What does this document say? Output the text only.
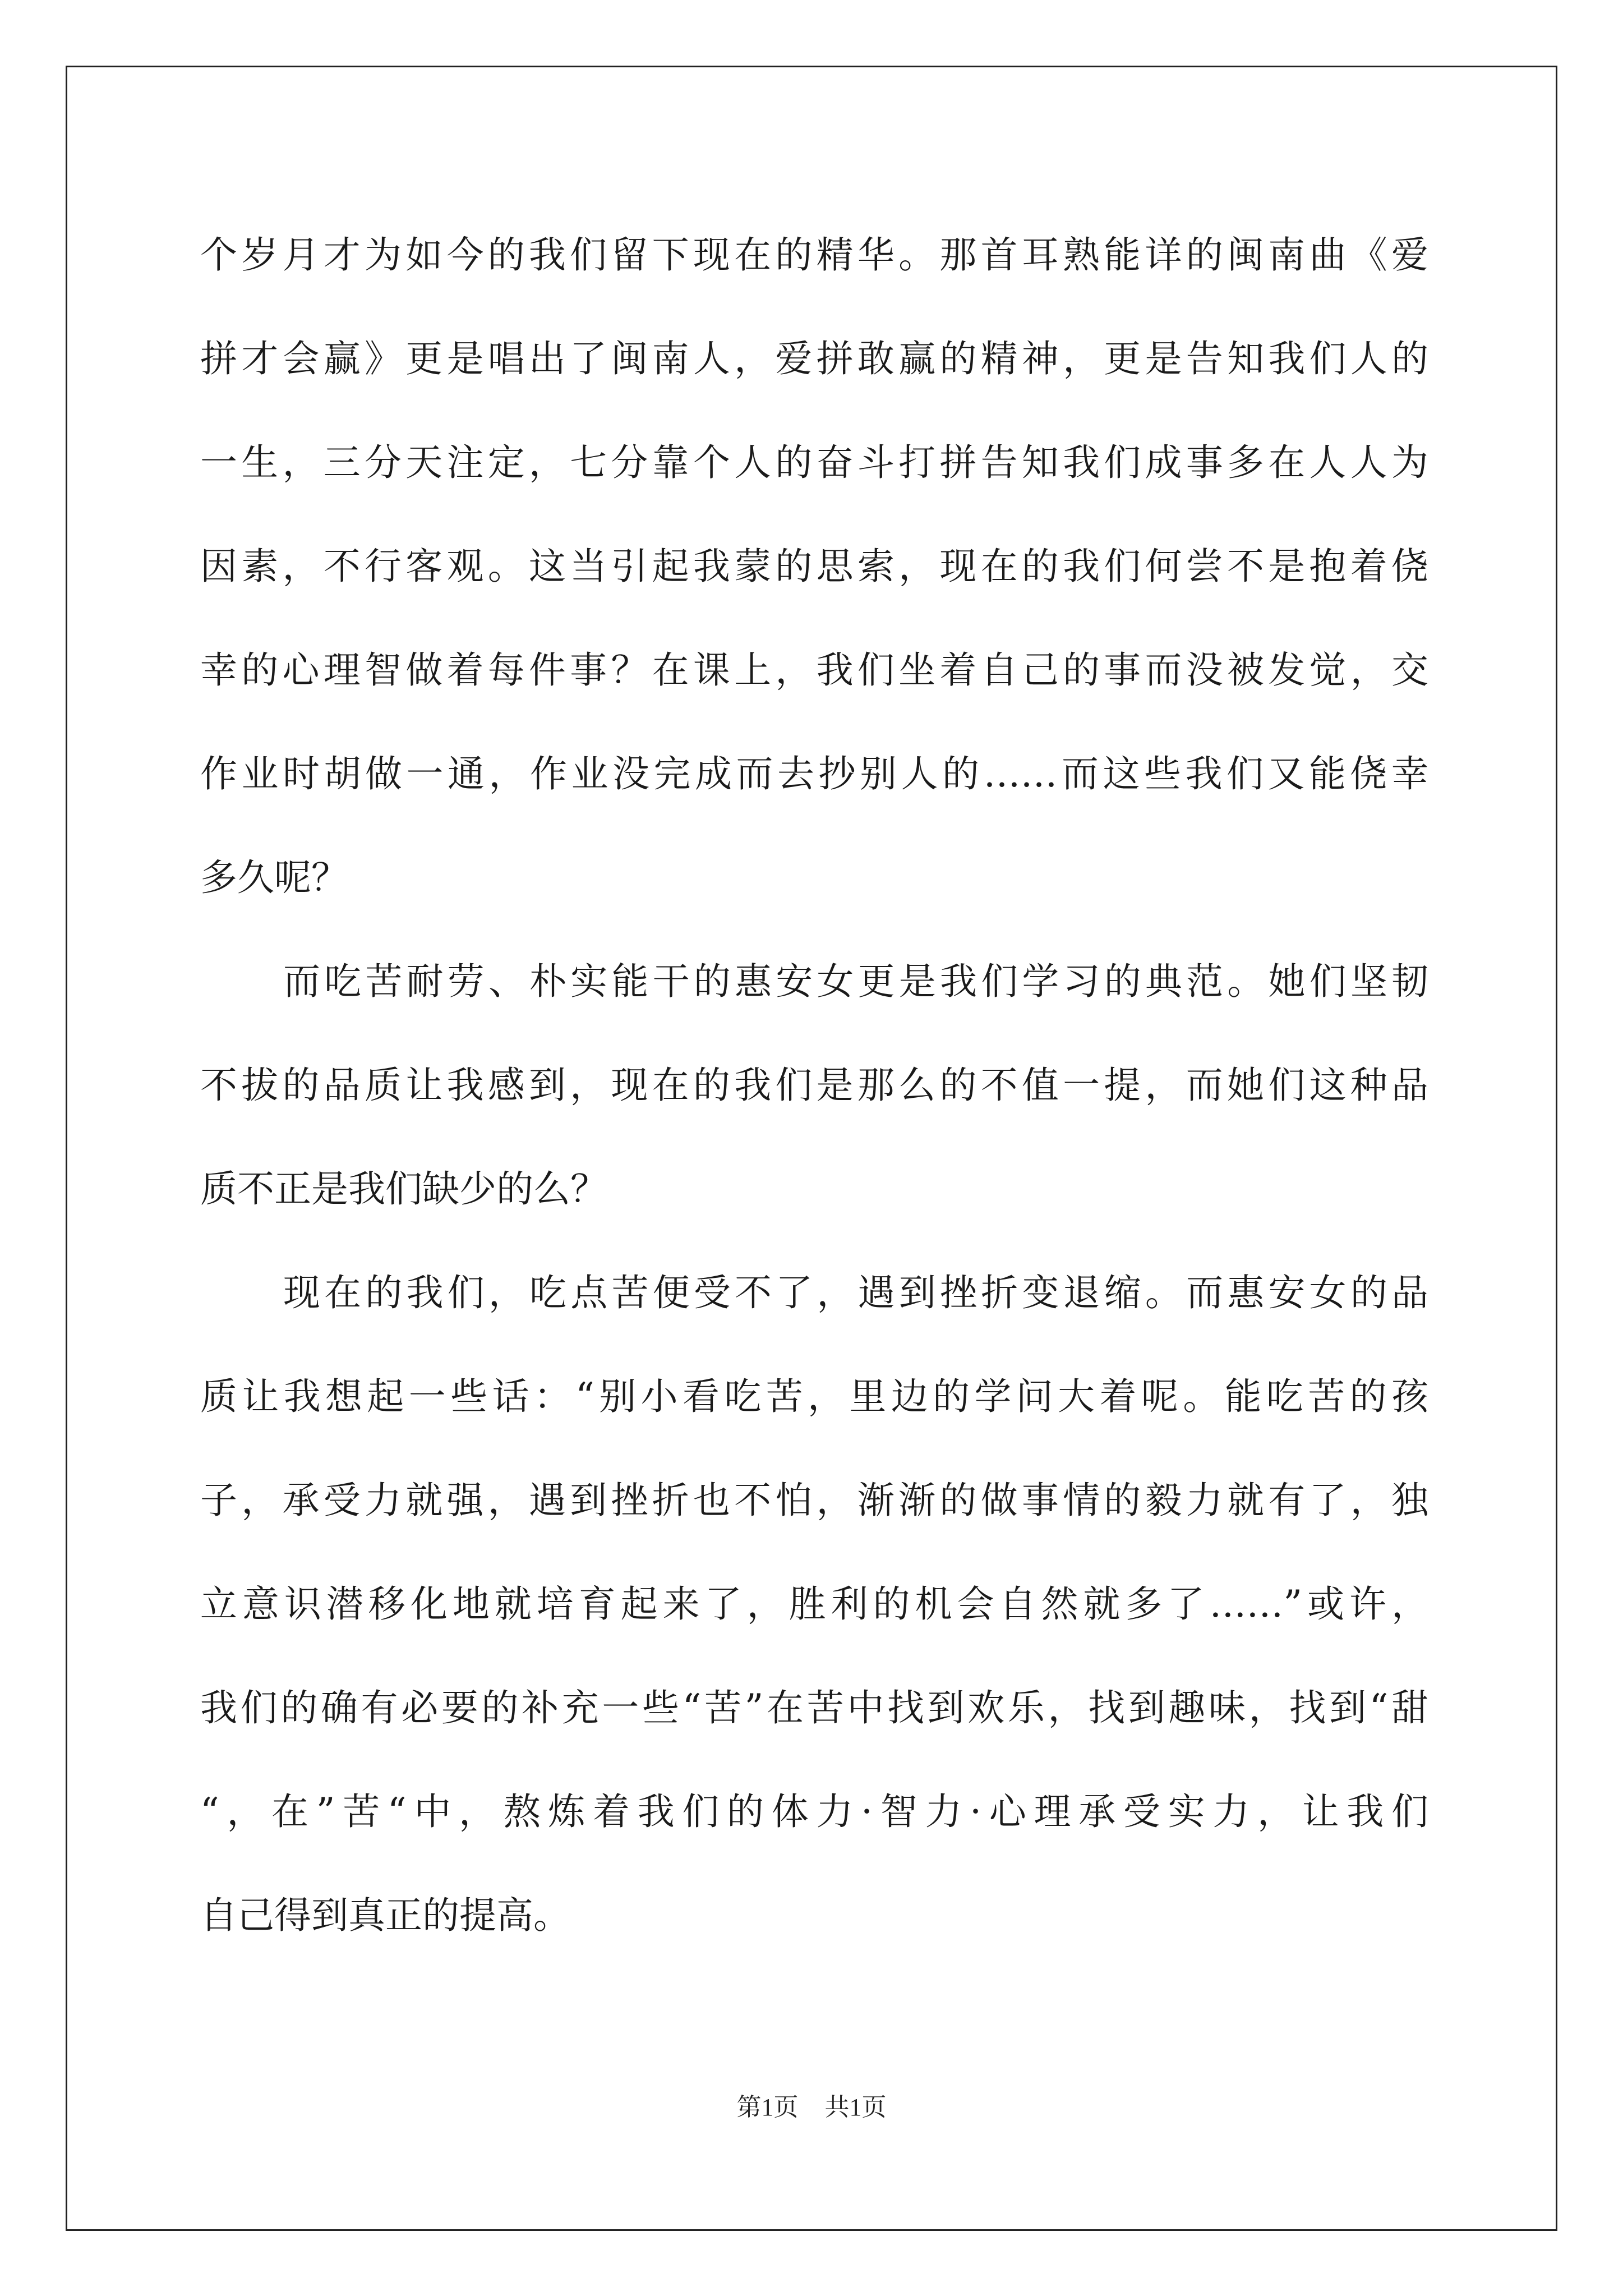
个岁月才为如今的我们留下现在的精华。那首耳熟能详的闽南曲《爱
拼才会赢》更是唱出了闽南人，爱拼敢赢的精神，更是告知我们人的
一生，三分天注定，七分靠个人的奋斗打拼告知我们成事多在人人为
因素，不行客观。这当引起我蒙的思索，现在的我们何尝不是抱着侥
幸的心理智做着每件事？在课上，我们坐着自己的事而没被发觉，交
作业时胡做一通，作业没完成而去抄别人的……而这些我们又能侥幸
多久呢？
而吃苦耐劳、朴实能干的惠安女更是我们学习的典范。她们坚韧
不拔的品质让我感到，现在的我们是那么的不值一提，而她们这种品
质不正是我们缺少的么？
现在的我们，吃点苦便受不了，遇到挫折变退缩。而惠安女的品
质让我想起一些话：“别小看吃苦，里边的学问大着呢。能吃苦的孩
子，承受力就强，遇到挫折也不怕，渐渐的做事情的毅力就有了，独
立意识潜移化地就培育起来了，胜利的机会自然就多了……”或许，
我们的确有必要的补充一些“苦”在苦中找到欢乐，找到趣味，找到“甜
“，在”苦“中，熬炼着我们的体力·智力·心理承受实力，让我们
自己得到真正的提高。
第1页 共1页
